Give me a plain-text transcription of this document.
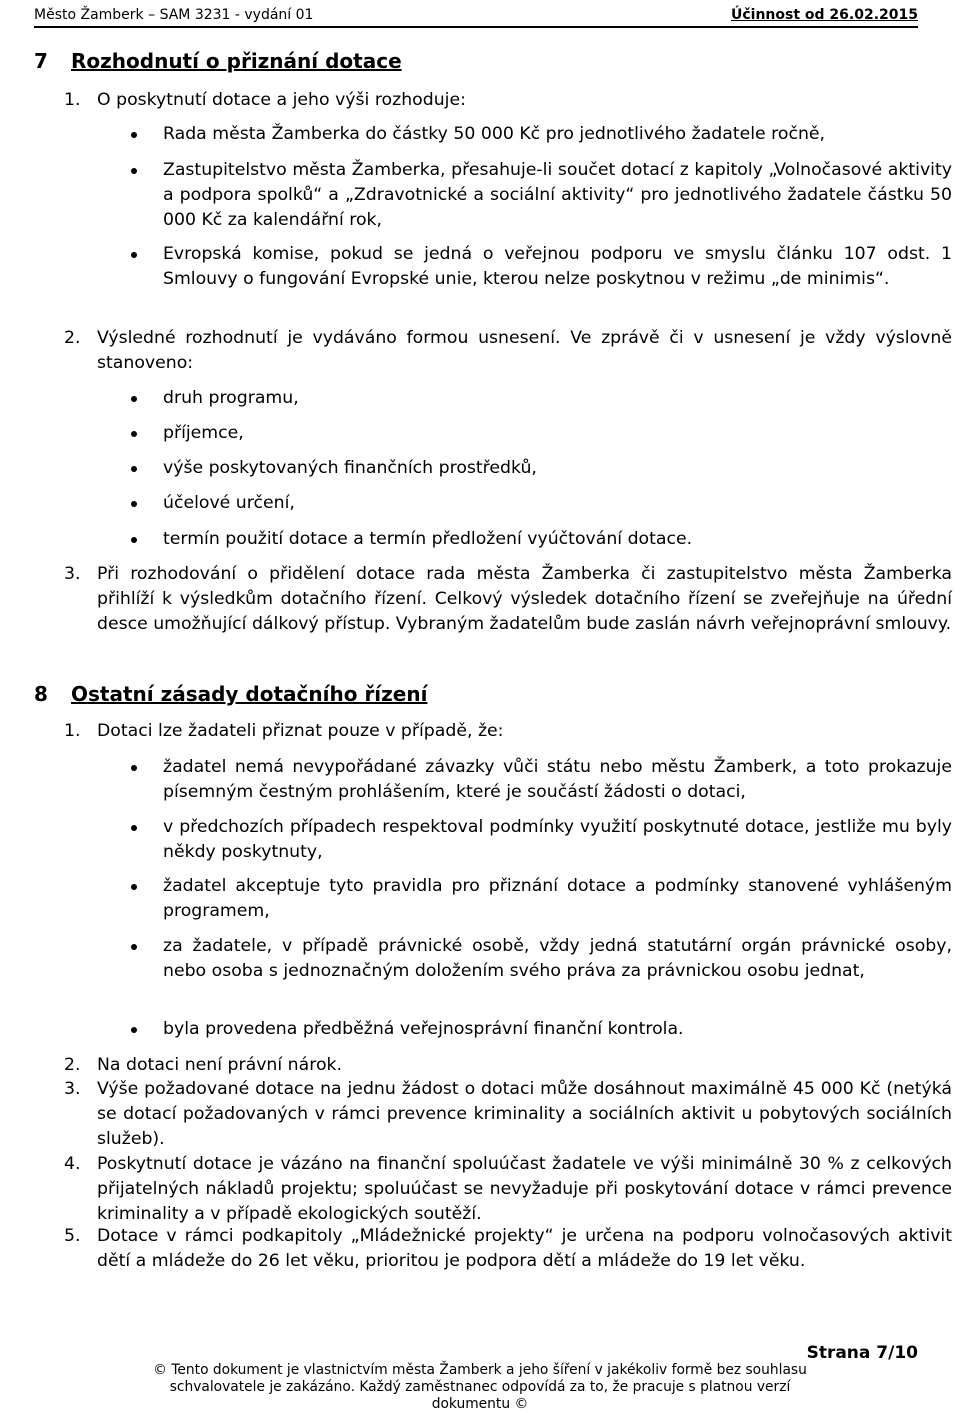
Město Žamberk – SAM 3231 - vydání 01	Účinnost od 26.02.2015
7 Rozhodnutí o přiznání dotace
1. O poskytnutí dotace a jeho výši rozhoduje:
Rada města Žamberka do částky 50 000 Kč pro jednotlivého žadatele ročně,
Zastupitelstvo města Žamberka, přesahuje-li součet dotací z kapitoly „Volnočasové aktivity a podpora spolků“ a „Zdravotnické a sociální aktivity“ pro jednotlivého žadatele částku 50 000 Kč za kalendářní rok,
Evropská komise, pokud se jedná o veřejnou podporu ve smyslu článku 107 odst. 1 Smlouvy o fungování Evropské unie, kterou nelze poskytnou v režimu „de minimis“.
2. Výsledné rozhodnutí je vydáváno formou usnesení. Ve zprávě či v usnesení je vždy výslovně stanoveno:
druh programu,
příjemce,
výše poskytovaných finančních prostředků,
účelové určení,
termín použití dotace a termín předložení vyúčtování dotace.
3. Při rozhodování o přidělení dotace rada města Žamberka či zastupitelstvo města Žamberka přihlíží k výsledkům dotačního řízení. Celkový výsledek dotačního řízení se zveřejňuje na úřední desce umožňující dálkový přístup. Vybraným žadatelům bude zaslán návrh veřejnoprávní smlouvy.
8 Ostatní zásady dotačního řízení
1. Dotaci lze žadateli přiznat pouze v případě, že:
žadatel nemá nevypořádané závazky vůči státu nebo městu Žamberk, a toto prokazuje písemným čestným prohlášením, které je součástí žádosti o dotaci,
v předchozích případech respektoval podmínky využití poskytnuté dotace, jestliže mu byly někdy poskytnuty,
žadatel akceptuje tyto pravidla pro přiznání dotace a podmínky stanovené vyhlášeným programem,
za žadatele, v případě právnické osobě, vždy jedná statutární orgán právnické osoby, nebo osoba s jednoznačným doložením svého práva za právnickou osobu jednat,
byla provedena předběžná veřejnosprávní finanční kontrola.
2. Na dotaci není právní nárok.
3. Výše požadované dotace na jednu žádost o dotaci může dosáhnout maximálně 45 000 Kč (netýká se dotací požadovaných v rámci prevence kriminality a sociálních aktivit u pobytových sociálních služeb).
4. Poskytnutí dotace je vázáno na finanční spoluúčast žadatele ve výši minimálně 30 % z celkových přijatelných nákladů projektu; spoluúčast se nevyžaduje při poskytování dotace v rámci prevence kriminality a v případě ekologických soutěží.
5. Dotace v rámci podkapitoly „Mládežnické projekty“ je určena na podporu volnočasových aktivit dětí a mládeže do 26 let věku, prioritou je podpora dětí a mládeže do 19 let věku.
Strana 7/10
© Tento dokument je vlastnictvím města Žamberk a jeho šíření v jakékoliv formě bez souhlasu
schvalovatele je zakázáno. Každý zaměstnanec odpovídá za to, že pracuje s platnou verzí dokumentu ©
